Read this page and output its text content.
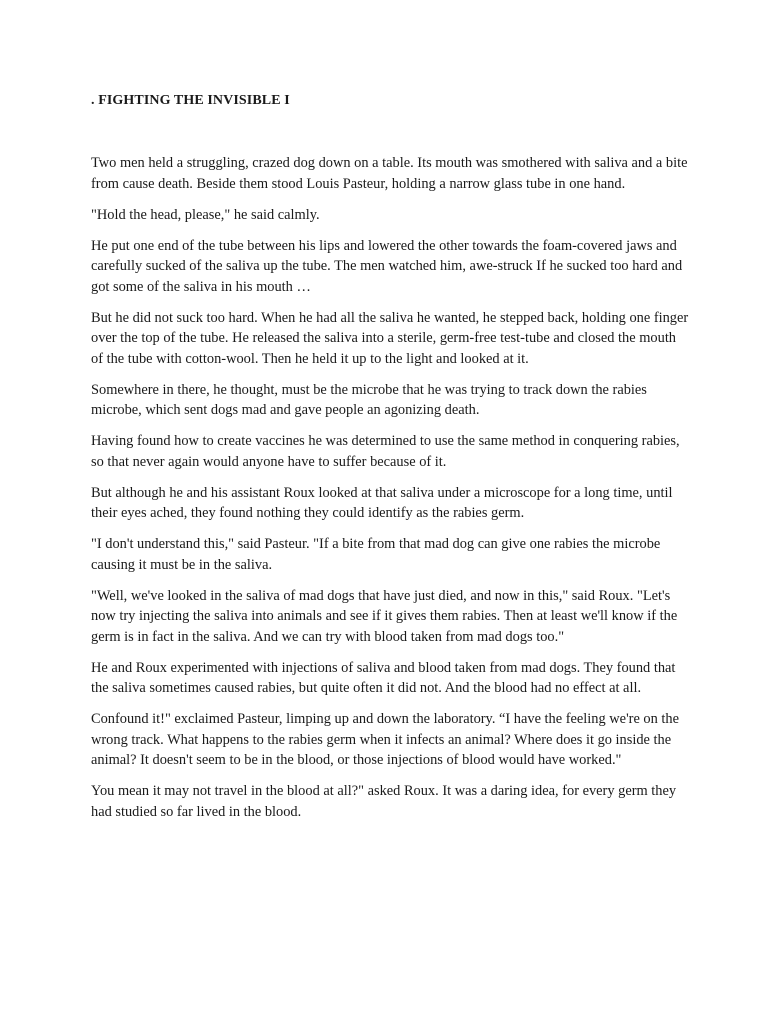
. FIGHTING THE INVISIBLE I

Two men held a struggling, crazed dog down on a table. Its mouth was smothered with saliva and a bite from cause death. Beside them stood Louis Pasteur, holding a narrow glass tube in one hand.

"Hold the head, please," he said calmly.

He put one end of the tube between his lips and lowered the other towards the foam-covered jaws and carefully sucked of the saliva up the tube. The men watched him, awe-struck If he sucked too hard and got some of the saliva in his mouth …

But he did not suck too hard. When he had all the saliva he wanted, he stepped back, holding one finger over the top of the tube. He released the saliva into a sterile, germ-free test-tube and closed the mouth of the tube with cotton-wool. Then he held it up to the light and looked at it.

Somewhere in there, he thought, must be the microbe that he was trying to track down the rabies microbe, which sent dogs mad and gave people an agonizing death.

Having found how to create vaccines he was determined to use the same method in conquering rabies, so that never again would anyone have to suffer because of it.

But although he and his assistant Roux looked at that saliva under a microscope for a long time, until their eyes ached, they found nothing they could identify as the rabies germ.

"I don't understand this," said Pasteur. "If a bite from that mad dog can give one rabies the microbe causing it must be in the saliva.

"Well, we've looked in the saliva of mad dogs that have just died, and now in this," said Roux. "Let's now try injecting the saliva into animals and see if it gives them rabies. Then at least we'll know if the germ is in fact in the saliva. And we can try with blood taken from mad dogs too."

He and Roux experimented with injections of saliva and blood taken from mad dogs. They found that the saliva sometimes caused rabies, but quite often it did not. And the blood had no effect at all.

Confound it!" exclaimed Pasteur, limping up and down the laboratory. “I have the feeling we're on the wrong track. What happens to the rabies germ when it infects an animal? Where does it go inside the animal? It doesn't seem to be in the blood, or those injections of blood would have worked."

You mean it may not travel in the blood at all?" asked Roux. It was a daring idea, for every germ they had studied so far lived in the blood.
